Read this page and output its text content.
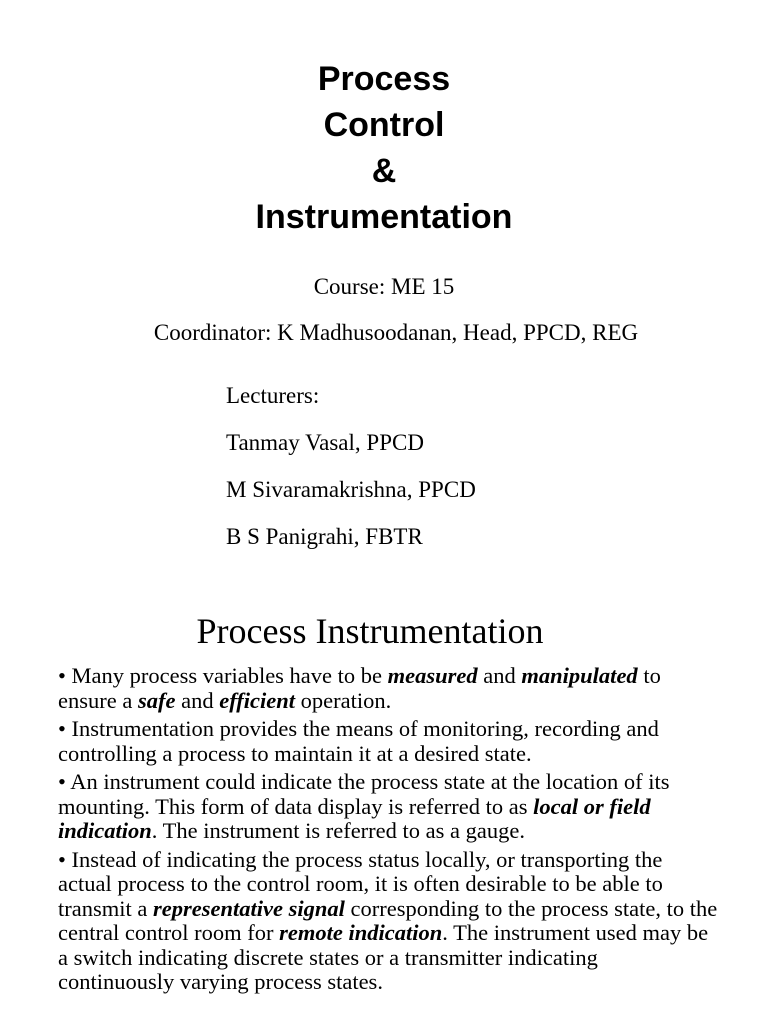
Process
Control
&
Instrumentation
Course: ME 15
Coordinator: K Madhusoodanan, Head, PPCD, REG
Lecturers:
Tanmay Vasal, PPCD
M Sivaramakrishna, PPCD
B S Panigrahi, FBTR
Process Instrumentation
• Many process variables have to be measured and manipulated to ensure a safe and efficient operation.
• Instrumentation provides the means of monitoring, recording and controlling a process to maintain it at a desired state.
• An instrument could indicate the process state at the location of its mounting. This form of data display is referred to as local or field indication. The instrument is referred to as a gauge.
• Instead of indicating the process status locally, or transporting the actual process to the control room, it is often desirable to be able to transmit a representative signal corresponding to the process state, to the central control room for remote indication. The instrument used may be a switch indicating discrete states or a transmitter indicating continuously varying process states.
